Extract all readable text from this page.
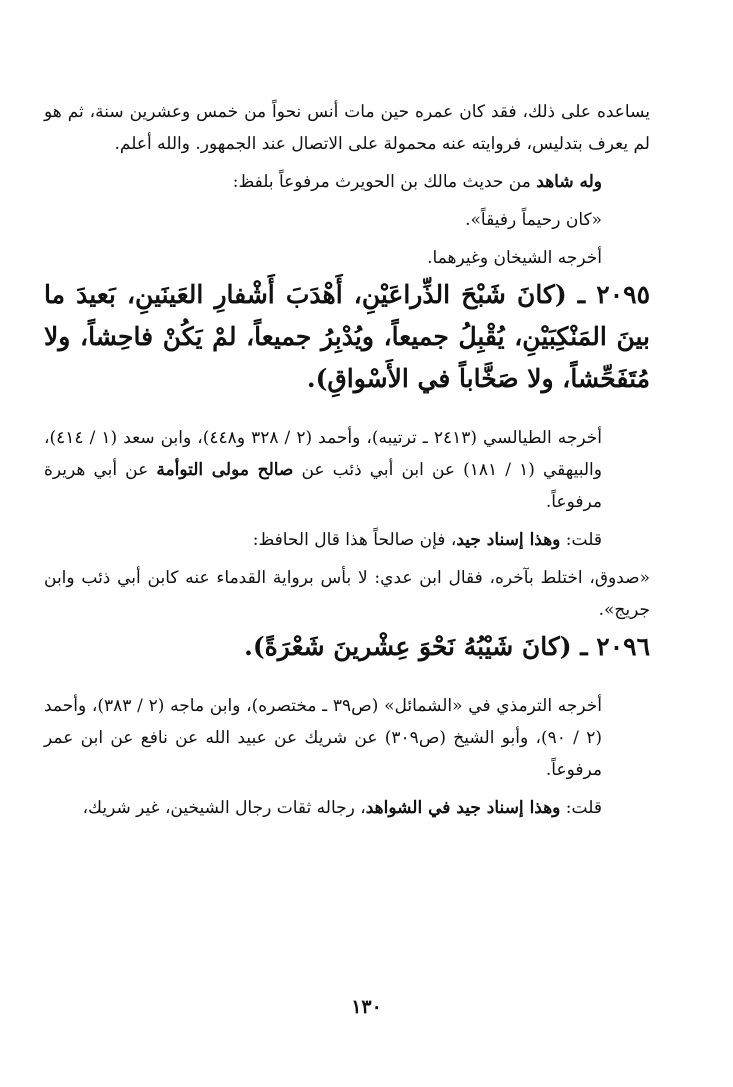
يساعده على ذلك، فقد كان عمره حين مات أنس نحواً من خمس وعشرين سنة، ثم هو لم يعرف بتدليس، فروايته عنه محمولة على الاتصال عند الجمهور. والله أعلم.

وله شاهد من حديث مالك بن الحويرث مرفوعاً بلفظ:

«كان رحيماً رفيقاً».

أخرجه الشيخان وغيرهما.

٢٠٩٥ ـ (كانَ شَبْحَ الذِّراعَيْنِ، أَهْدَبَ أَشْفارِ العَينَينِ، بَعيدَ ما بينَ المَنْكِبَيْنِ، يُقْبِلُ جميعاً، ويُدْبِرُ جميعاً، لمْ يَكُنْ فاحِشاً، ولا مُتَفَحِّشاً، ولا صَخَّاباً في الأَسْواقِ).

أخرجه الطيالسي (٢٤١٣ ـ ترتيبه)، وأحمد (٢ / ٣٢٨ و٤٤٨)، وابن سعد (١ / ٤١٤)، والبيهقي (١ / ١٨١) عن ابن أبي ذئب عن صالح مولى التوأمة عن أبي هريرة مرفوعاً.

قلت: وهذا إسناد جيد، فإن صالحاً هذا قال الحافظ:

«صدوق، اختلط بآخره، فقال ابن عدي: لا بأس برواية القدماء عنه كابن أبي ذئب وابن جريج».

٢٠٩٦ ـ (كانَ شَيْبُهُ نَحْوَ عِشْرينَ شَعْرَةً).

أخرجه الترمذي في «الشمائل» (ص٣٩ ـ مختصره)، وابن ماجه (٢ / ٣٨٣)، وأحمد (٢ / ٩٠)، وأبو الشيخ (ص٣٠٩) عن شريك عن عبيد الله عن نافع عن ابن عمر مرفوعاً.

قلت: وهذا إسناد جيد في الشواهد، رجاله ثقات رجال الشيخين، غير شريك،

١٣٠
